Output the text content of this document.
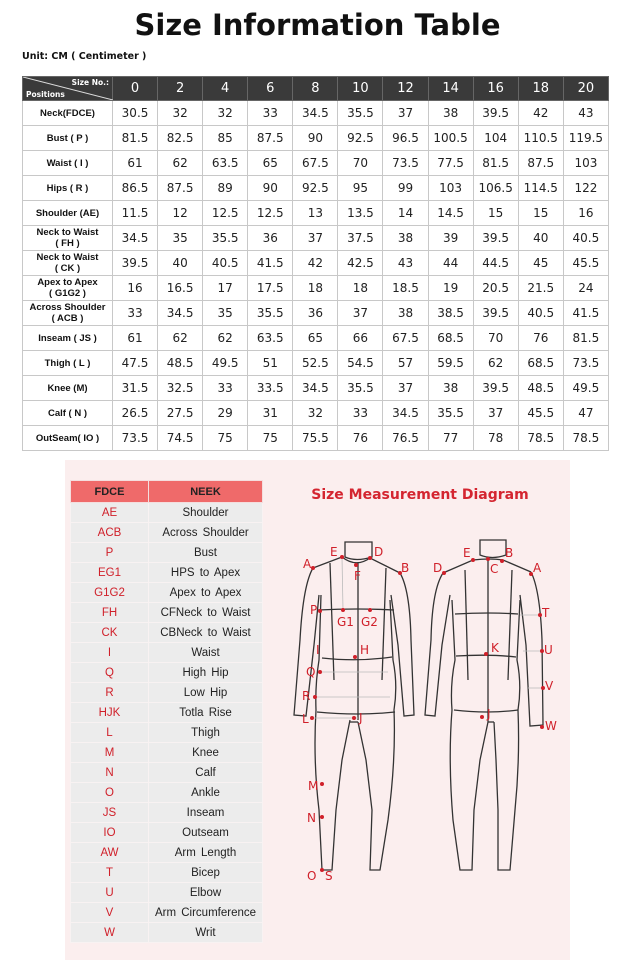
Size Information Table
Unit: CM ( Centimeter )
Size No.:
Positions	0	2	4	6	8	10	12	14	16	18	20

Neck(FDCE)	30.5	32	32	33	34.5	35.5	37	38	39.5	42	43

Bust ( P )	81.5	82.5	85	87.5	90	92.5	96.5	100.5	104	110.5	119.5

Waist ( I )	61	62	63.5	65	67.5	70	73.5	77.5	81.5	87.5	103

Hips ( R )	86.5	87.5	89	90	92.5	95	99	103	106.5	114.5	122

Shoulder (AE)	11.5	12	12.5	12.5	13	13.5	14	14.5	15	15	16

Neck to Waist
( FH )	34.5	35	35.5	36	37	37.5	38	39	39.5	40	40.5

Neck to Waist
( CK )	39.5	40	40.5	41.5	42	42.5	43	44	44.5	45	45.5

Apex to Apex
( G1G2 )	16	16.5	17	17.5	18	18	18.5	19	20.5	21.5	24

Across Shoulder
( ACB )	33	34.5	35	35.5	36	37	38	38.5	39.5	40.5	41.5

Inseam ( JS )	61	62	62	63.5	65	66	67.5	68.5	70	76	81.5

Thigh ( L )	47.5	48.5	49.5	51	52.5	54.5	57	59.5	62	68.5	73.5

Knee (M)	31.5	32.5	33	33.5	34.5	35.5	37	38	39.5	48.5	49.5

Calf ( N )	26.5	27.5	29	31	32	33	34.5	35.5	37	45.5	47

OutSeam( IO )	73.5	74.5	75	75	75.5	76	76.5	77	78	78.5	78.5
FDCE	NEEK
AE	Shoulder
ACB	Across Shoulder
P	Bust
EG1	HPS to Apex
G1G2	Apex to Apex
FH	CFNeck to Waist
CK	CBNeck to Waist
I	Waist
Q	High Hip
R	Low Hip
HJK	Totla Rise
L	Thigh
M	Knee
N	Calf
O	Ankle
JS	Inseam
IO	Outseam
AW	Arm Length
T	Bicep
U	Elbow
V	Arm Circumference
W	Writ
Size Measurement Diagram
A
E	D
F
B
P
G1 G2
I	H
Q
R
L	J
M
N
O S
D
E	B
C	A
T
K	U
V
J
W
